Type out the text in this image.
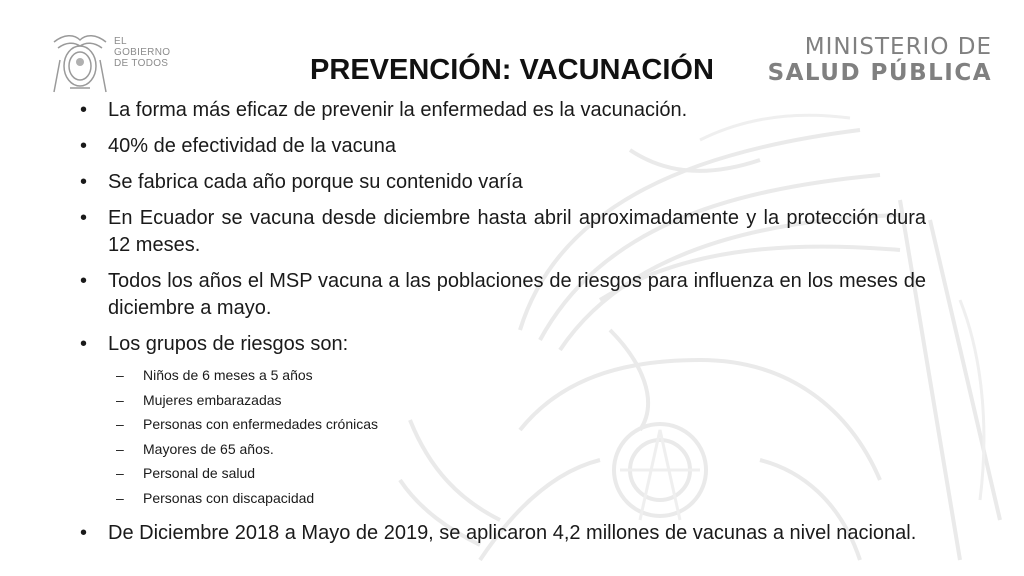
EL
GOBIERNO
DE TODOS
MINISTERIO DE
SALUD PÚBLICA
PREVENCIÓN: VACUNACIÓN
• La forma más eficaz de prevenir la enfermedad es la vacunación.
• 40% de efectividad de la vacuna
• Se fabrica cada año porque su contenido varía
• En Ecuador se vacuna desde diciembre hasta abril aproximadamente y la protección dura 12 meses.
• Todos los años el MSP vacuna a las poblaciones de riesgos para influenza en los meses de diciembre a mayo.
• Los grupos de riesgos son:
– Niños de 6 meses a 5 años
– Mujeres embarazadas
– Personas con enfermedades crónicas
– Mayores de 65 años.
– Personal de salud
– Personas con discapacidad
• De Diciembre 2018 a Mayo de 2019, se aplicaron 4,2 millones de vacunas a nivel nacional.
